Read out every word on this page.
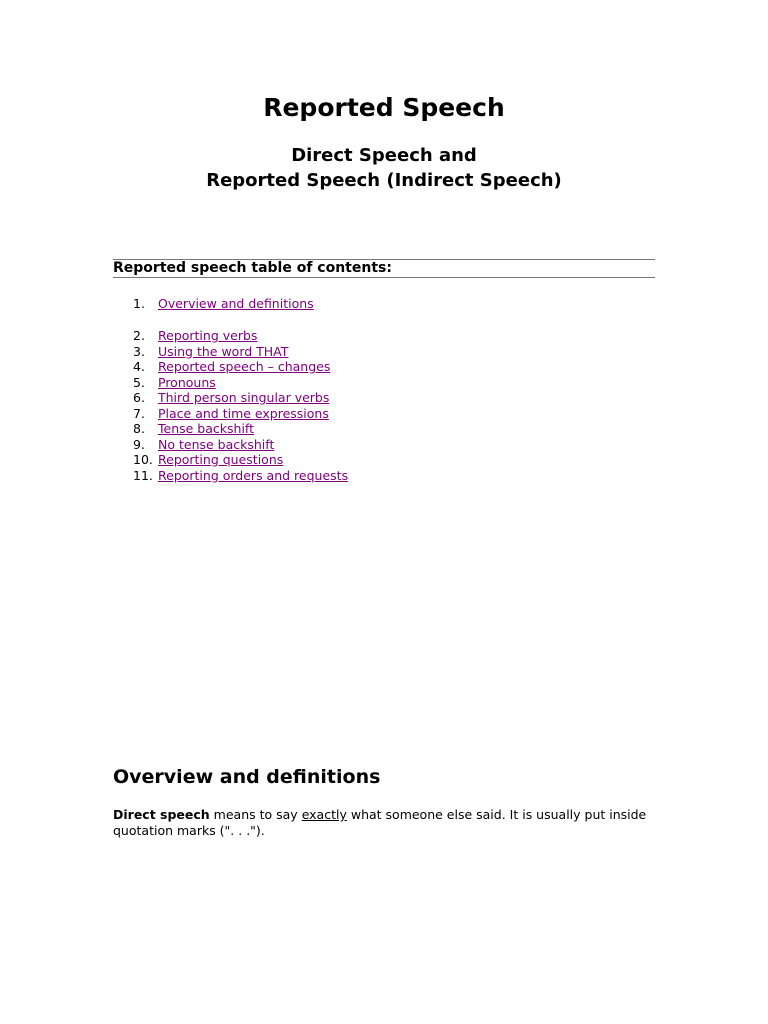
Reported Speech
Direct Speech and
Reported Speech (Indirect Speech)
Reported speech table of contents:
1. Overview and definitions
2. Reporting verbs
3. Using the word THAT
4. Reported speech – changes
5. Pronouns
6. Third person singular verbs
7. Place and time expressions
8. Tense backshift
9. No tense backshift
10. Reporting questions
11. Reporting orders and requests
Overview and definitions

Direct speech means to say exactly what someone else said. It is usually put inside quotation marks (". . .").
